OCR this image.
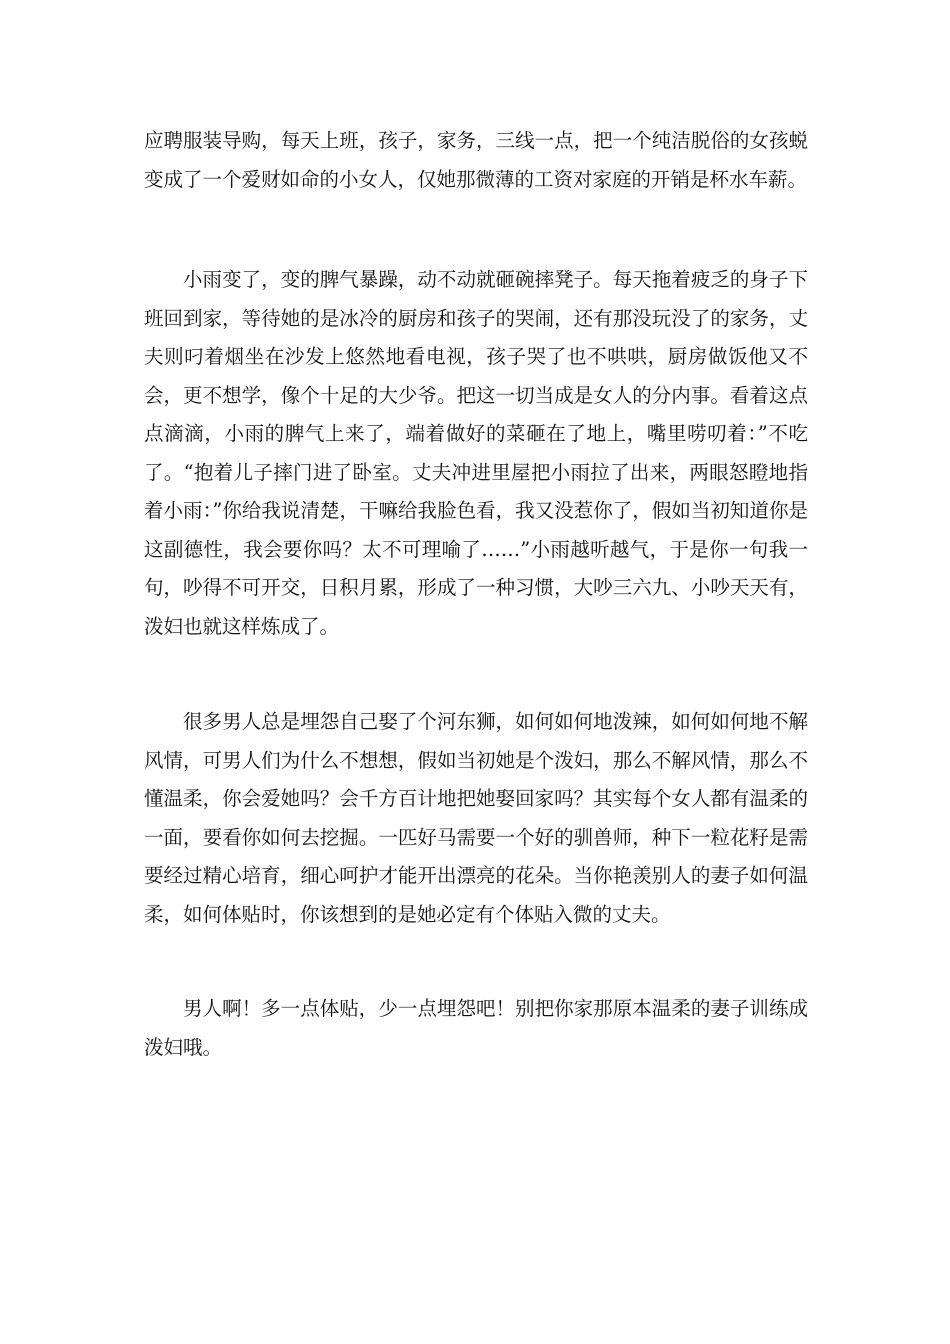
应聘服装导购，每天上班，孩子，家务，三线一点，把一个纯洁脱俗的女孩蜕变成了一个爱财如命的小女人，仅她那微薄的工资对家庭的开销是杯水车薪。

小雨变了，变的脾气暴躁，动不动就砸碗摔凳子。每天拖着疲乏的身子下班回到家，等待她的是冰冷的厨房和孩子的哭闹，还有那没玩没了的家务，丈夫则叼着烟坐在沙发上悠然地看电视，孩子哭了也不哄哄，厨房做饭他又不会，更不想学，像个十足的大少爷。把这一切当成是女人的分内事。看着这点点滴滴，小雨的脾气上来了，端着做好的菜砸在了地上，嘴里唠叨着：”不吃了。“抱着儿子摔门进了卧室。丈夫冲进里屋把小雨拉了出来，两眼怒瞪地指着小雨：”你给我说清楚，干嘛给我脸色看，我又没惹你了，假如当初知道你是这副德性，我会要你吗？太不可理喻了……”小雨越听越气，于是你一句我一句，吵得不可开交，日积月累，形成了一种习惯，大吵三六九、小吵天天有，泼妇也就这样炼成了。

很多男人总是埋怨自己娶了个河东狮，如何如何地泼辣，如何如何地不解风情，可男人们为什么不想想，假如当初她是个泼妇，那么不解风情，那么不懂温柔，你会爱她吗？会千方百计地把她娶回家吗？其实每个女人都有温柔的一面，要看你如何去挖掘。一匹好马需要一个好的驯兽师，种下一粒花籽是需要经过精心培育，细心呵护才能开出漂亮的花朵。当你艳羡别人的妻子如何温柔，如何体贴时，你该想到的是她必定有个体贴入微的丈夫。

男人啊！多一点体贴，少一点埋怨吧！别把你家那原本温柔的妻子训练成泼妇哦。
